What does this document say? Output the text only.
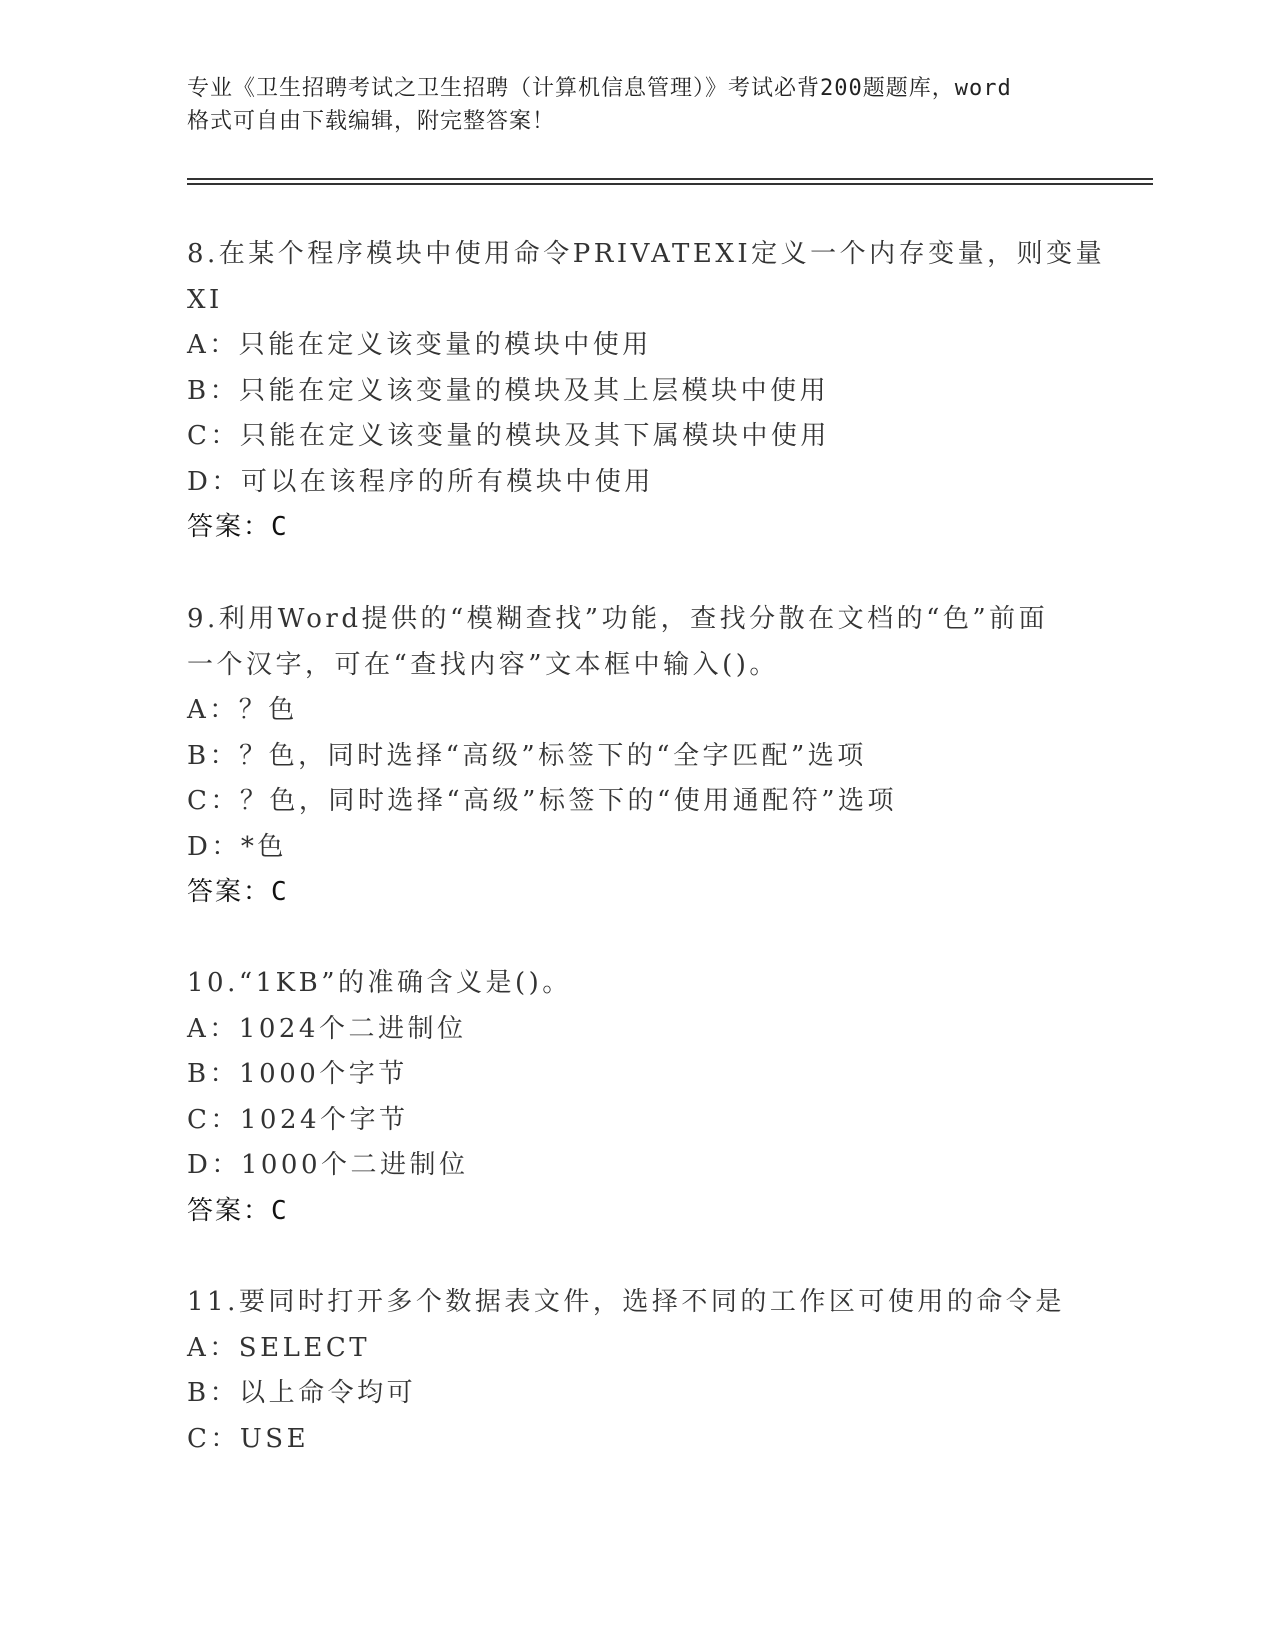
专业《卫生招聘考试之卫生招聘（计算机信息管理）》考试必背200题题库，word
格式可自由下载编辑，附完整答案！
8.在某个程序模块中使用命令PRIVATEXI定义一个内存变量，则变量
XI
A：只能在定义该变量的模块中使用
B：只能在定义该变量的模块及其上层模块中使用
C：只能在定义该变量的模块及其下属模块中使用
D：可以在该程序的所有模块中使用
答案：C
9.利用Word提供的“模糊查找”功能，查找分散在文档的“色”前面
一个汉字，可在“查找内容”文本框中输入()。
A：？色
B：？色，同时选择“高级”标签下的“全字匹配”选项
C：？色，同时选择“高级”标签下的“使用通配符”选项
D：*色
答案：C
10.“1KB”的准确含义是()。
A：1024个二进制位
B：1000个字节
C：1024个字节
D：1000个二进制位
答案：C
11.要同时打开多个数据表文件，选择不同的工作区可使用的命令是
A：SELECT
B：以上命令均可
C：USE
